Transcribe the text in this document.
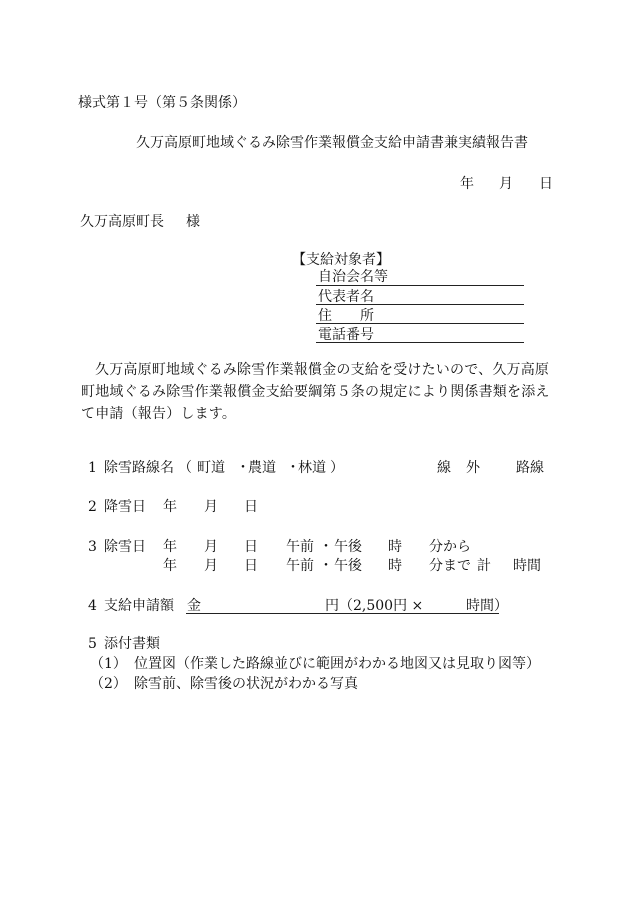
様式第１号（第５条関係）
久万高原町地域ぐるみ除雪作業報償金支給申請書兼実績報告書
年 月 日
久万高原町長 様
【支給対象者】
自治会名等
代表者名
住　　所
電話番号
久万高原町地域ぐるみ除雪作業報償金の支給を受けたいので、久万高原町地域ぐるみ除雪作業報償金支給要綱第５条の規定により関係書類を添えて申請（報告）します。
1 除雪路線名 （ 町道 ・
農道 ・
林道 ）	線 外	路線
2 降雪日 年 月 日
3 除雪日 年 月 日 午前 ・ 午後 時 分から
年 月 日 午前 ・ 午後 時 分まで 計 時間
4 支給申請額 金	円 （2,500円 ×	時間）
5 添付書類
（1） 位置図（作業した路線並びに範囲がわかる地図又は見取り図等）
（2） 除雪前、除雪後の状況がわかる写真
